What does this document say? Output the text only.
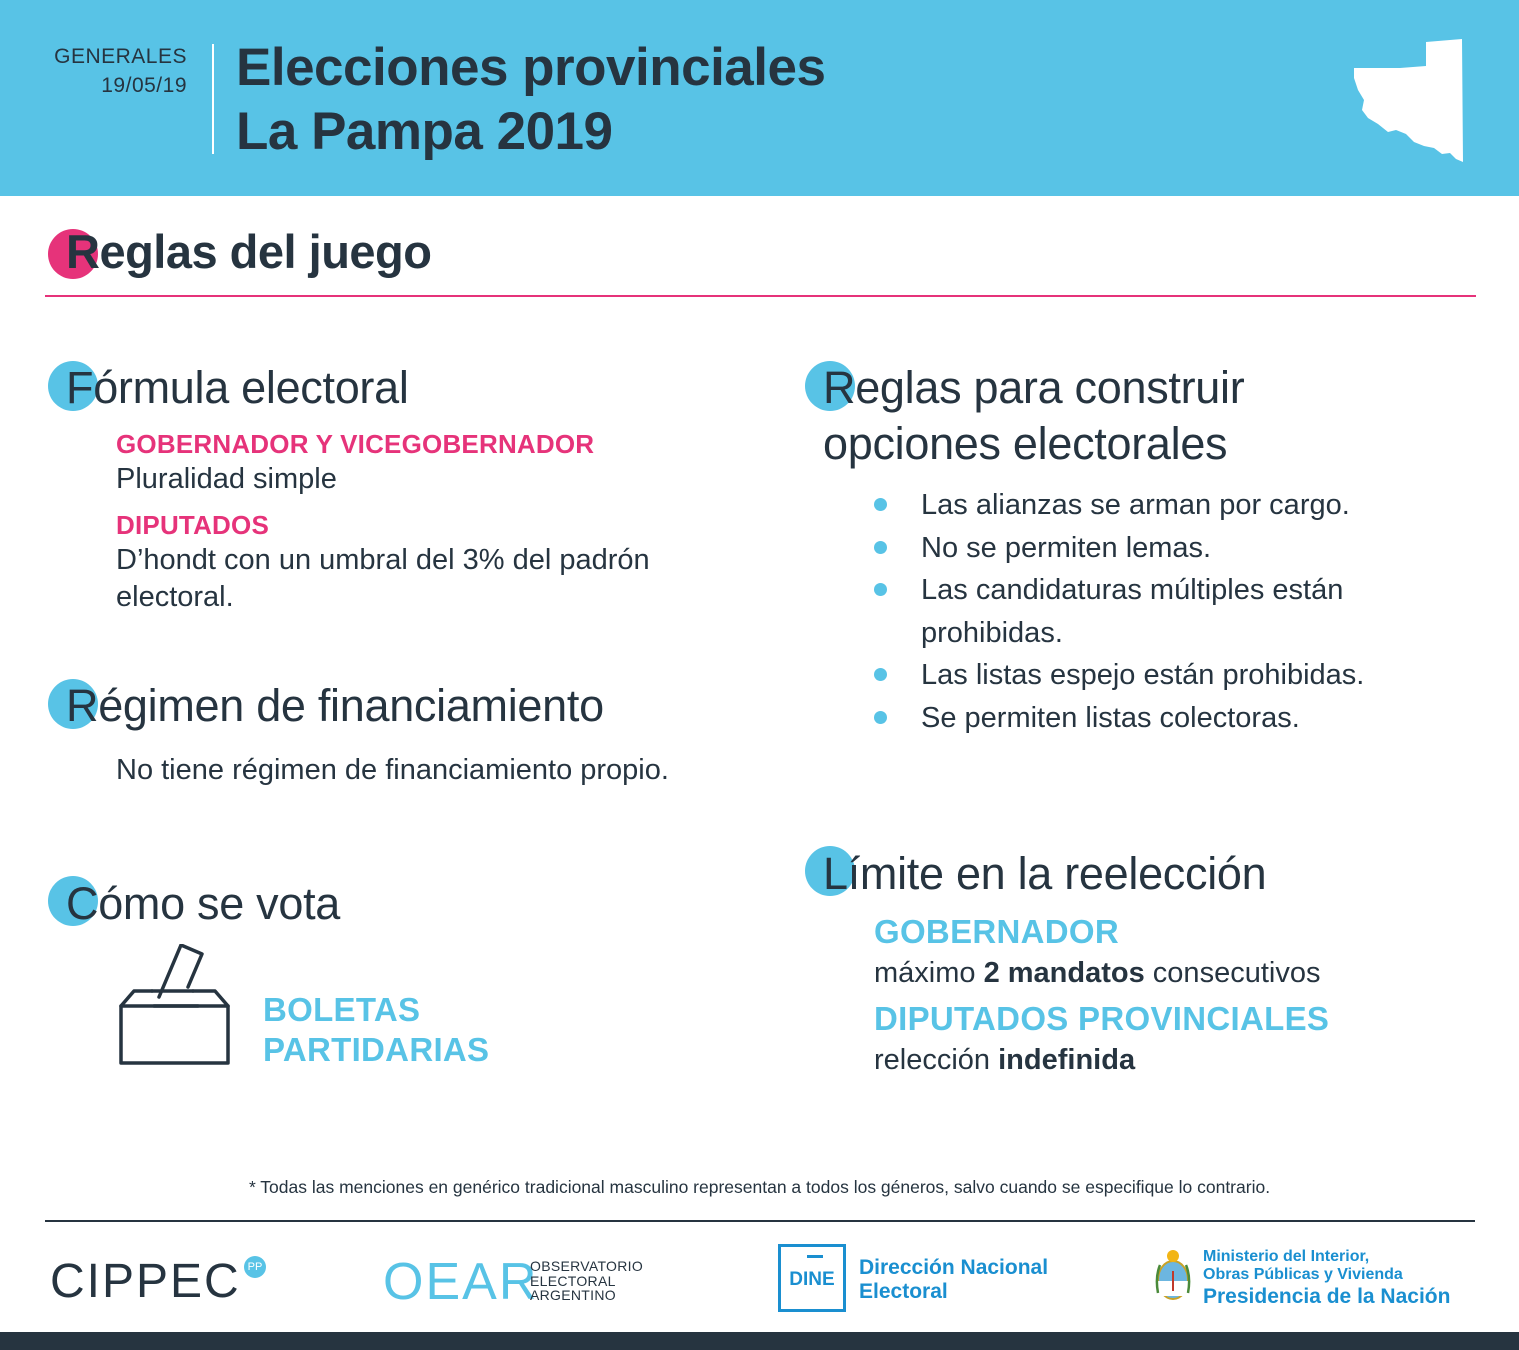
GENERALES
19/05/19 Elecciones provinciales
La Pampa 2019
Reglas del juego
Fórmula electoral
GOBERNADOR Y VICEGOBERNADOR
Pluralidad simple
DIPUTADOS
D’hondt con un umbral del 3% del padrón
electoral.
Régimen de financiamiento
No tiene régimen de financiamiento propio.
Cómo se vota
BOLETAS
PARTIDARIAS
Reglas para construir
opciones electorales
Las alianzas se arman por cargo.
No se permiten lemas.
Las candidaturas múltiples están prohibidas.
Las listas espejo están prohibidas.
Se permiten listas colectoras.
Límite en la reelección
GOBERNADOR
máximo 2 mandatos consecutivos
DIPUTADOS PROVINCIALES
relección indefinida
* Todas las menciones en genérico tradicional masculino representan a todos los géneros, salvo cuando se especifique lo contrario.
CIPPEC PP OEAR
OBSERVATORIO
ELECTORAL
ARGENTINO
DINE
Dirección Nacional
Electoral
Ministerio del Interior,
Obras Públicas y Vivienda
Presidencia de la Nación
